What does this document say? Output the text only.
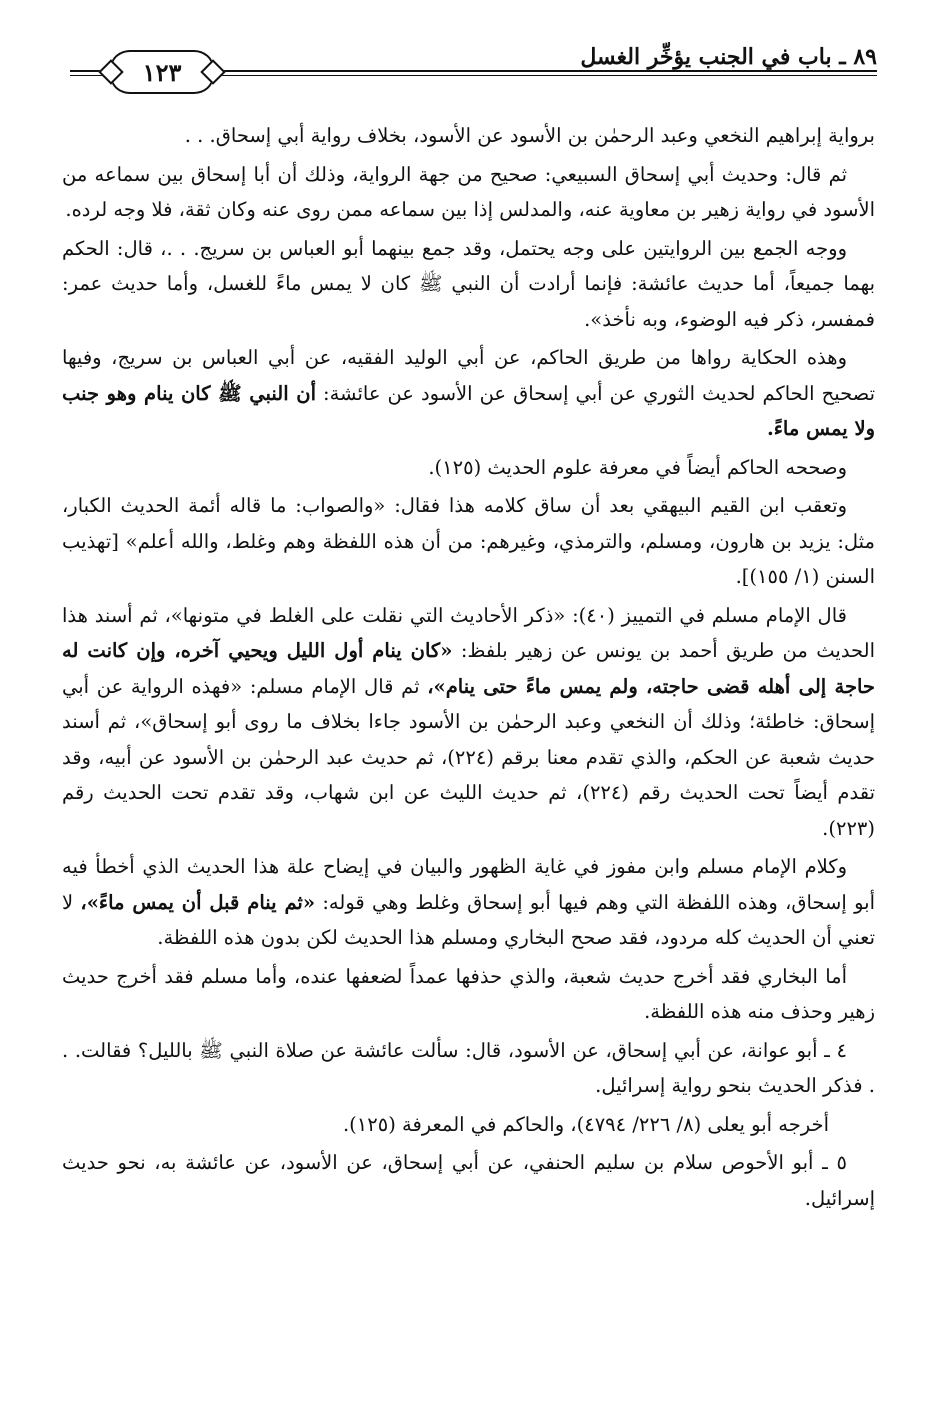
٨٩ ـ باب في الجنب يؤخِّر الغسل
١٢٣

برواية إبراهيم النخعي وعبد الرحمٰن بن الأسود عن الأسود، بخلاف رواية أبي إسحاق. . .

ثم قال: وحديث أبي إسحاق السبيعي: صحيح من جهة الرواية، وذلك أن أبا إسحاق بين سماعه من الأسود في رواية زهير بن معاوية عنه، والمدلس إذا بين سماعه ممن روى عنه وكان ثقة، فلا وجه لرده.

ووجه الجمع بين الروايتين على وجه يحتمل، وقد جمع بينهما أبو العباس بن سريج. . .، قال: الحكم بهما جميعاً، أما حديث عائشة: فإنما أرادت أن النبي ﷺ كان لا يمس ماءً للغسل، وأما حديث عمر: فمفسر، ذكر فيه الوضوء، وبه نأخذ».

وهذه الحكاية رواها من طريق الحاكم، عن أبي الوليد الفقيه، عن أبي العباس بن سريج، وفيها تصحيح الحاكم لحديث الثوري عن أبي إسحاق عن الأسود عن عائشة: أن النبي ﷺ كان ينام وهو جنب ولا يمس ماءً.

وصححه الحاكم أيضاً في معرفة علوم الحديث (١٢٥).

وتعقب ابن القيم البيهقي بعد أن ساق كلامه هذا فقال: «والصواب: ما قاله أئمة الحديث الكبار، مثل: يزيد بن هارون، ومسلم، والترمذي، وغيرهم: من أن هذه اللفظة وهم وغلط، والله أعلم» [تهذيب السنن (١/ ١٥٥)].

قال الإمام مسلم في التمييز (٤٠): «ذكر الأحاديث التي نقلت على الغلط في متونها»، ثم أسند هذا الحديث من طريق أحمد بن يونس عن زهير بلفظ: «كان ينام أول الليل ويحيي آخره، وإن كانت له حاجة إلى أهله قضى حاجته، ولم يمس ماءً حتى ينام»، ثم قال الإمام مسلم: «فهذه الرواية عن أبي إسحاق: خاطئة؛ وذلك أن النخعي وعبد الرحمٰن بن الأسود جاءا بخلاف ما روى أبو إسحاق»، ثم أسند حديث شعبة عن الحكم، والذي تقدم معنا برقم (٢٢٤)، ثم حديث عبد الرحمٰن بن الأسود عن أبيه، وقد تقدم أيضاً تحت الحديث رقم (٢٢٤)، ثم حديث الليث عن ابن شهاب، وقد تقدم تحت الحديث رقم (٢٢٣).

وكلام الإمام مسلم وابن مفوز في غاية الظهور والبيان في إيضاح علة هذا الحديث الذي أخطأ فيه أبو إسحاق، وهذه اللفظة التي وهم فيها أبو إسحاق وغلط وهي قوله: «ثم ينام قبل أن يمس ماءً»، لا تعني أن الحديث كله مردود، فقد صحح البخاري ومسلم هذا الحديث لكن بدون هذه اللفظة.

أما البخاري فقد أخرج حديث شعبة، والذي حذفها عمداً لضعفها عنده، وأما مسلم فقد أخرج حديث زهير وحذف منه هذه اللفظة.

٤ ـ أبو عوانة، عن أبي إسحاق، عن الأسود، قال: سألت عائشة عن صلاة النبي ﷺ بالليل؟ فقالت. . . فذكر الحديث بنحو رواية إسرائيل.

أخرجه أبو يعلى (٨/ ٢٢٦/ ٤٧٩٤)، والحاكم في المعرفة (١٢٥).

٥ ـ أبو الأحوص سلام بن سليم الحنفي، عن أبي إسحاق، عن الأسود، عن عائشة به، نحو حديث إسرائيل.
